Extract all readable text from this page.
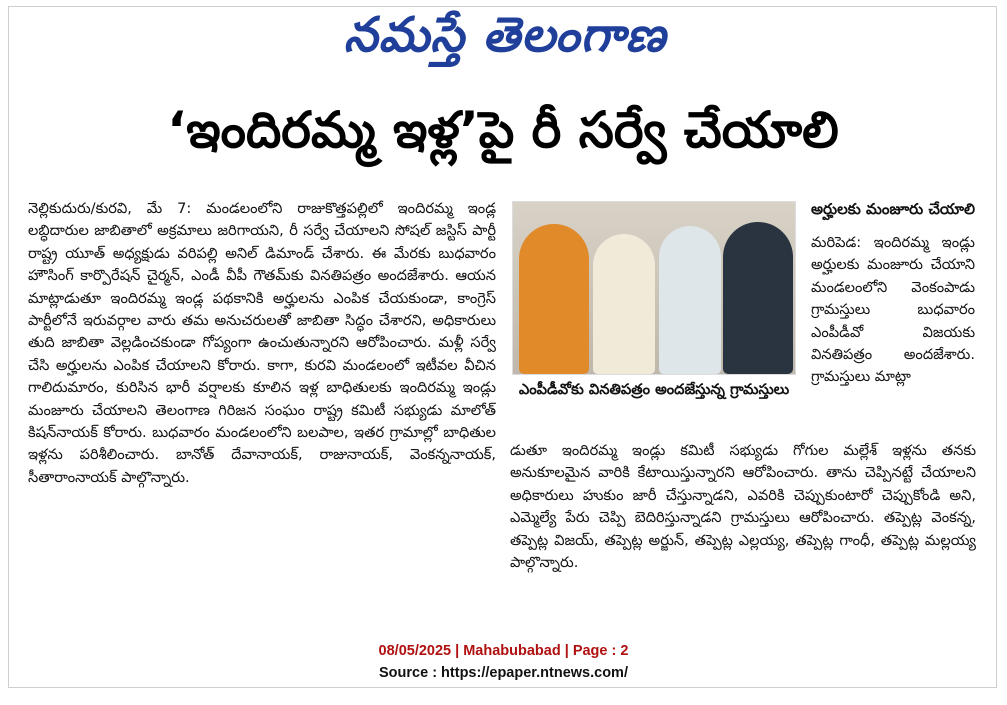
నమస్తే తెలంగాణ
‘ఇందిరమ్మ ఇళ్ల’పై రీ సర్వే చేయాలి
నెల్లికుదురు/కురవి, మే 7: మండలంలోని రాజుకొత్తపల్లిలో ఇందిరమ్మ ఇండ్ల లబ్ధిదారుల జాబితాలో అక్రమాలు జరిగాయని, రీ సర్వే చేయాలని సోషల్ జస్టిస్ పార్టీ రాష్ట్ర యూత్ అధ్యక్షుడు వరిపల్లి అనిల్ డిమాండ్ చేశారు. ఈ మేరకు బుధవారం హౌసింగ్ కార్పొరేషన్ చైర్మన్, ఎండీ వీపీ గౌతమ్‌కు వినతిపత్రం అందజేశారు. ఆయన మాట్లాడుతూ ఇందిరమ్మ ఇండ్ల పథకానికి అర్హులను ఎంపిక చేయకుండా, కాంగ్రెస్ పార్టీలోనే ఇరువర్గాల వారు తమ అనుచరులతో జాబితా సిద్ధం చేశారని, అధికారులు తుది జాబితా వెల్లడించకుండా గోప్యంగా ఉంచుతున్నారని ఆరోపించారు. మళ్లీ సర్వే చేసి అర్హులను ఎంపిక చేయాలని కోరారు. కాగా, కురవి మండలంలో ఇటీవల వీచిన గాలిదుమారం, కురిసిన భారీ వర్షాలకు కూలిన ఇళ్ల బాధితులకు ఇందిరమ్మ ఇండ్లు మంజూరు చేయాలని తెలంగాణ గిరిజన సంఘం రాష్ట్ర కమిటీ సభ్యుడు మాలోత్ కిషన్‌నాయక్ కోరారు. బుధవారం మండలంలోని బలపాల, ఇతర గ్రామాల్లో బాధితుల ఇళ్లను పరిశీలించారు. బానోత్ దేవానాయక్, రాజునాయక్, వెంకన్ననాయక్, సీతారాంనాయక్ పాల్గొన్నారు.
ఎంపీడీవోకు వినతిపత్రం అందజేస్తున్న గ్రామస్తులు
అర్హులకు మంజూరు చేయాలి
మరిపెడ: ఇందిరమ్మ ఇండ్లు అర్హులకు మంజూరు చేయాని మండలంలోని వెంకంపాడు గ్రామస్తులు బుధవారం ఎంపీడీవో విజయకు వినతిపత్రం అందజేశారు. గ్రామస్తులు మాట్లా
డుతూ ఇందిరమ్మ ఇండ్లు కమిటీ సభ్యుడు గోగుల మల్లేశ్ ఇళ్లను తనకు అనుకూలమైన వారికి కేటాయిస్తున్నారని ఆరోపించారు. తాను చెప్పినట్టే చేయాలని అధికారులు హుకుం జారీ చేస్తున్నాడని, ఎవరికి చెప్పుకుంటారో చెప్పుకోండి అని, ఎమ్మెల్యే పేరు చెప్పి బెదిరిస్తున్నాడని గ్రామస్తులు ఆరోపించారు. తప్పెట్ల వెంకన్న, తప్పెట్ల విజయ్, తప్పెట్ల అర్జున్, తప్పెట్ల ఎల్లయ్య, తప్పెట్ల గాంధీ, తప్పెట్ల మల్లయ్య పాల్గొన్నారు.
08/05/2025 | Mahabubabad | Page : 2
Source : https://epaper.ntnews.com/
